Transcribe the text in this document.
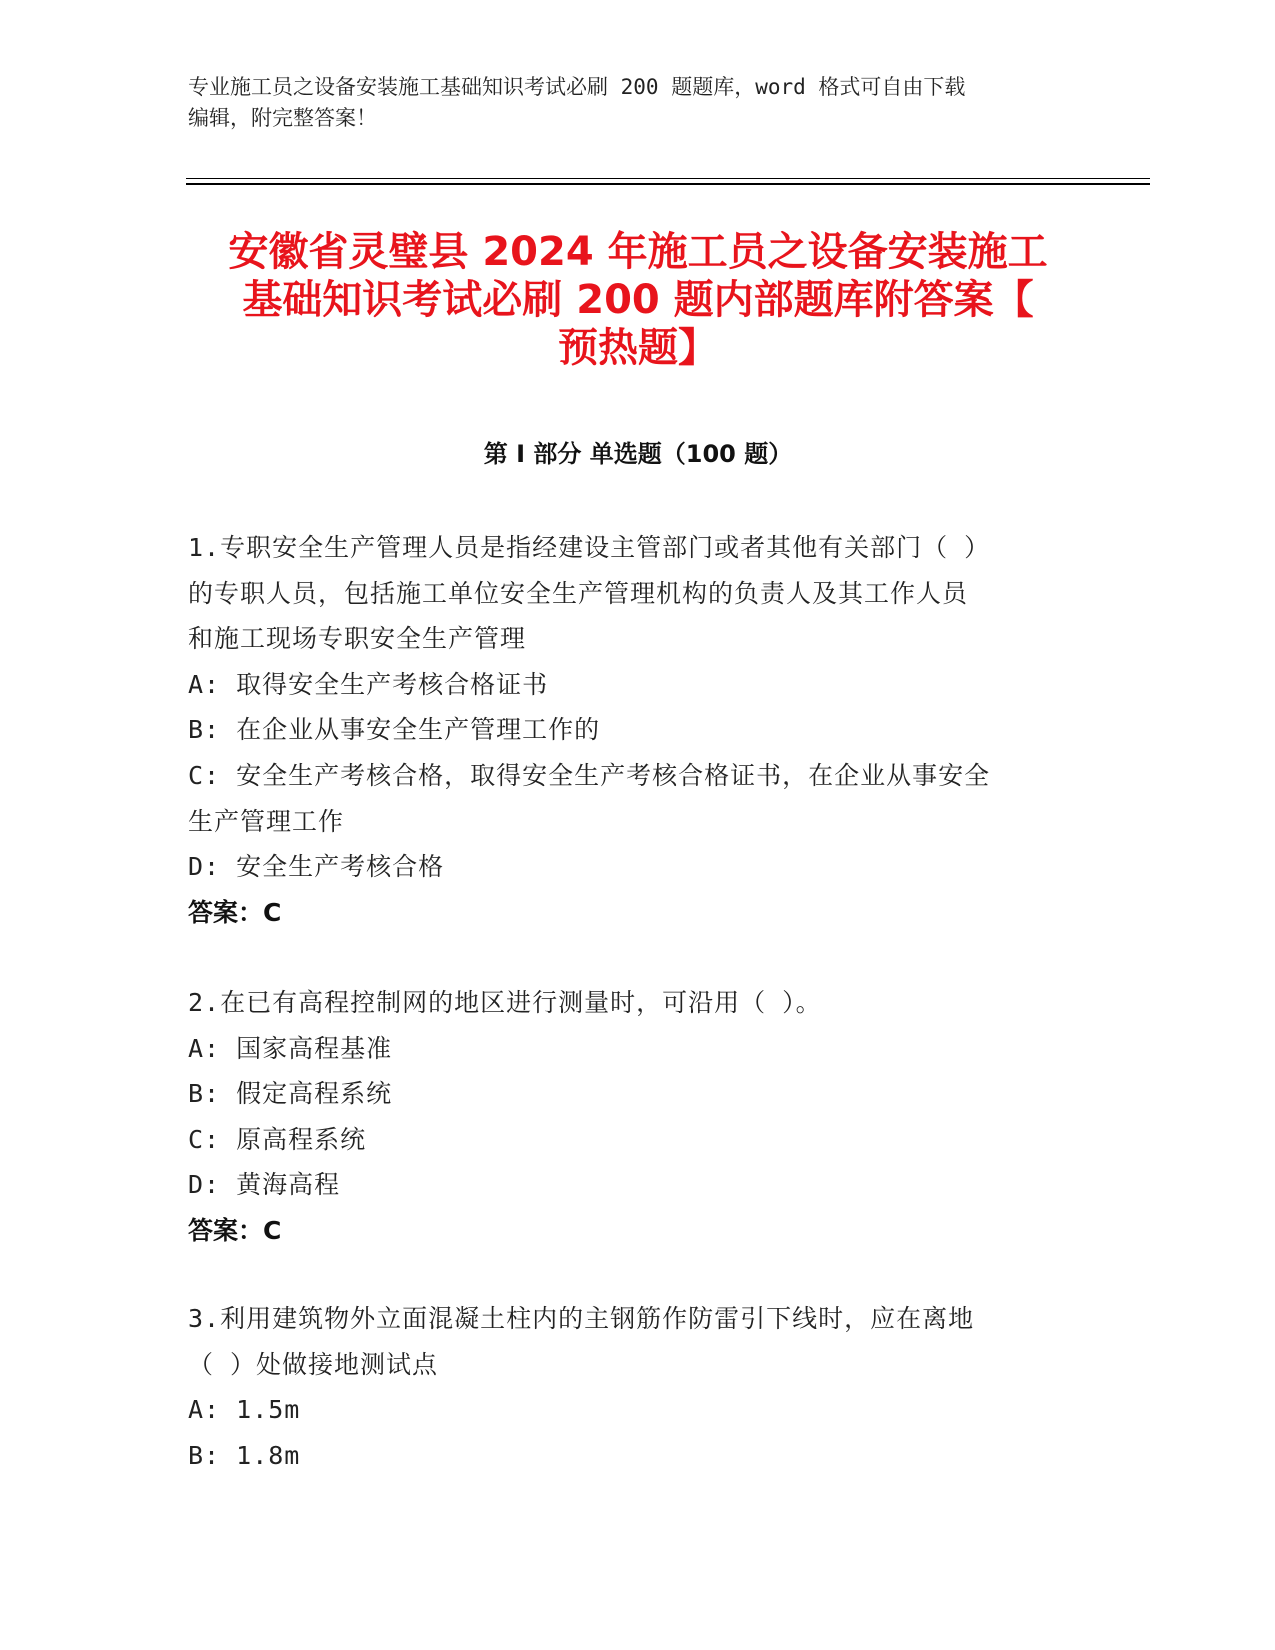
专业施工员之设备安装施工基础知识考试必刷 200 题题库，word 格式可自由下载
编辑，附完整答案！
安徽省灵璧县 2024 年施工员之设备安装施工
基础知识考试必刷 200 题内部题库附答案【
预热题】
第 I 部分 单选题（100 题）
1.专职安全生产管理人员是指经建设主管部门或者其他有关部门（ ）
的专职人员，包括施工单位安全生产管理机构的负责人及其工作人员
和施工现场专职安全生产管理
A: 取得安全生产考核合格证书
B: 在企业从事安全生产管理工作的
C: 安全生产考核合格，取得安全生产考核合格证书，在企业从事安全
生产管理工作
D: 安全生产考核合格
答案：C
2.在已有高程控制网的地区进行测量时，可沿用（ ）。
A: 国家高程基准
B: 假定高程系统
C: 原高程系统
D: 黄海高程
答案：C
3.利用建筑物外立面混凝土柱内的主钢筋作防雷引下线时，应在离地
（ ）处做接地测试点
A: 1.5m
B: 1.8m
